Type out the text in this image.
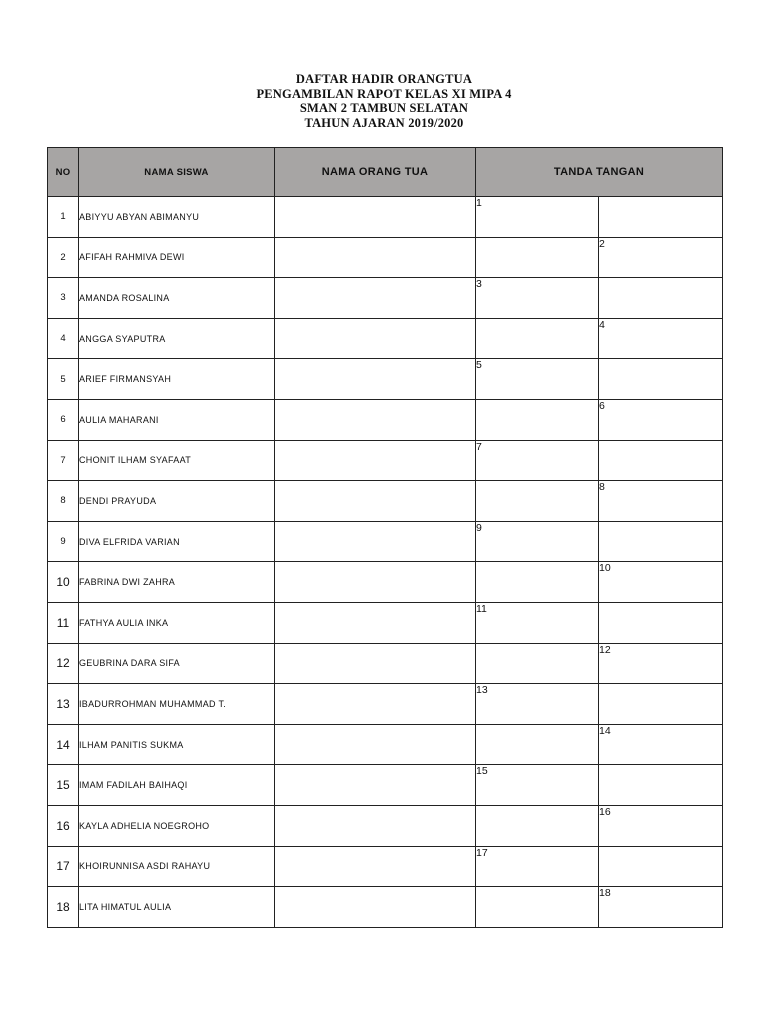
DAFTAR HADIR ORANGTUA
PENGAMBILAN RAPOT KELAS XI MIPA 4
SMAN 2 TAMBUN SELATAN
TAHUN AJARAN 2019/2020
NO	NAMA SISWA	NAMA ORANG TUA	TANDA TANGAN	
1	ABIYYU ABYAN ABIMANYU		1	

2	AFIFAH RAHMIVA DEWI			2

3	AMANDA ROSALINA		3	

4	ANGGA SYAPUTRA			4

5	ARIEF FIRMANSYAH		5	

6	AULIA MAHARANI			6

7	CHONIT ILHAM SYAFAAT		7	

8	DENDI PRAYUDA			8

9	DIVA ELFRIDA VARIAN		9	

10	FABRINA DWI ZAHRA			10

11	FATHYA AULIA INKA		11	

12	GEUBRINA DARA SIFA			12

13	IBADURROHMAN MUHAMMAD T.		13	

14	ILHAM PANITIS SUKMA			14

15	IMAM FADILAH BAIHAQI		15	

16	KAYLA ADHELIA NOEGROHO			16

17	KHOIRUNNISA ASDI RAHAYU		17	

18	LITA HIMATUL AULIA			18
